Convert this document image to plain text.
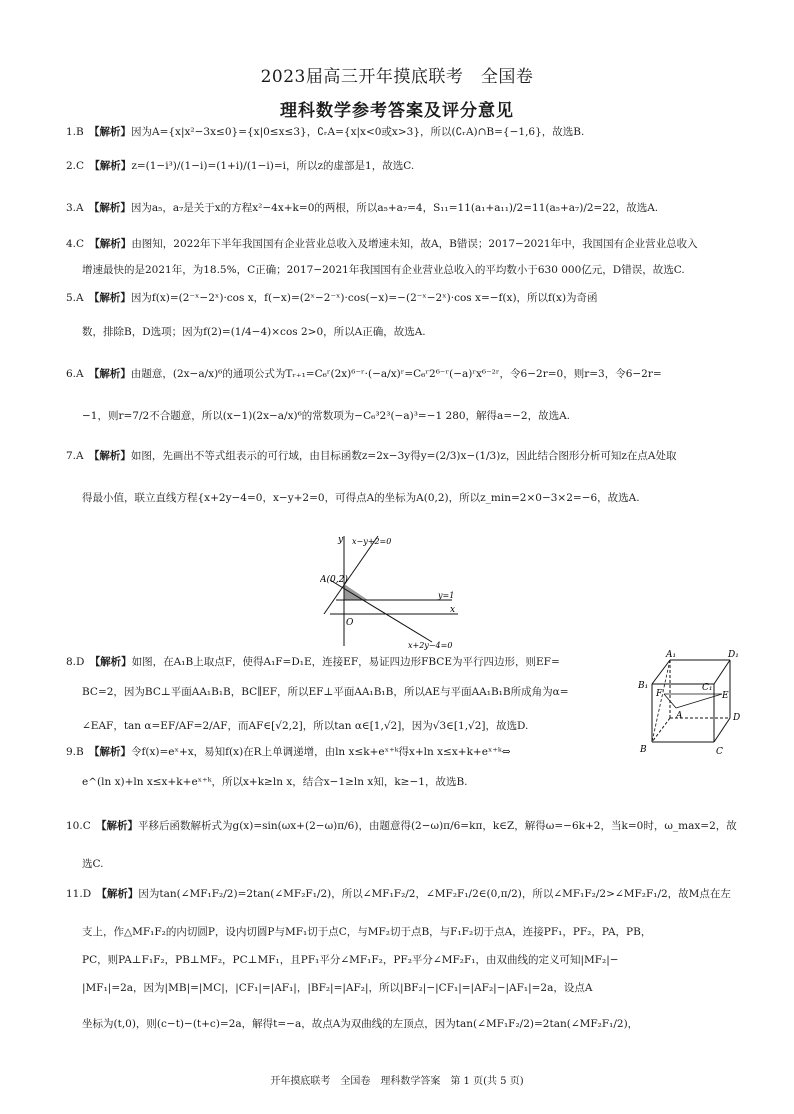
2023届高三开年摸底联考　全国卷
理科数学参考答案及评分意见
1.B　 【解析】因为A={x|x²−3x≤0}={x|0≤x≤3}，∁ᵣA={x|x<0或x>3}，所以(∁ᵣA)∩B={−1,6}，故选B.
2.C　 【解析】z=(1−i³)/(1−i)=(1+i)/(1−i)=i，所以z的虚部是1，故选C.
3.A　 【解析】因为a₅，a₇是关于x的方程x²−4x+k=0的两根，所以a₅+a₇=4，S₁₁=11(a₁+a₁₁)/2=11(a₅+a₇)/2=22，故选A.
4.C　 【解析】由图知，2022年下半年我国国有企业营业总收入及增速未知，故A，B错误；2017−2021年中，我国国有企业营业总收入
增速最快的是2021年，为18.5%，C正确；2017−2021年我国国有企业营业总收入的平均数小于630 000亿元，D错误，故选C.
5.A　 【解析】因为f(x)=(2⁻ˣ−2ˣ)·cos x，f(−x)=(2ˣ−2⁻ˣ)·cos(−x)=−(2⁻ˣ−2ˣ)·cos x=−f(x)，所以f(x)为奇函
数，排除B，D选项；因为f(2)=(1/4−4)×cos 2>0，所以A正确，故选A.
6.A　 【解析】由题意，(2x−a/x)⁶的通项公式为Tᵣ₊₁=C₆ʳ(2x)⁶⁻ʳ·(−a/x)ʳ=C₆ʳ2⁶⁻ʳ(−a)ʳx⁶⁻²ʳ，令6−2r=0，则r=3，令6−2r=
−1，则r=7/2不合题意，所以(x−1)(2x−a/x)⁶的常数项为−C₆³2³(−a)³=−1 280，解得a=−2，故选A.
7.A　 【解析】如图，先画出不等式组表示的可行域，由目标函数z=2x−3y得y=(2/3)x−(1/3)z，因此结合图形分析可知z在点A处取
得最小值，联立直线方程{x+2y−4=0，x−y+2=0，可得点A的坐标为A(0,2)，所以z_min=2×0−3×2=−6，故选A.
y
x
O
x−y+2=0
x+2y−4=0
y=1
A(0,2)
8.D　 【解析】如图，在A₁B上取点F，使得A₁F=D₁E，连接EF，易证四边形FBCE为平行四边形，则EF=
BC=2，因为BC⊥平面AA₁B₁B，BC∥EF，所以EF⊥平面AA₁B₁B，所以AE与平面AA₁B₁B所成角为α=
∠EAF，tan α=EF/AF=2/AF，而AF∈[√2,2]，所以tan α∈[1,√2]，因为√3∈[1,√2]，故选D.
A₁	D₁
B₁
F
C₁
E
A	D
B	C
9.B　 【解析】令f(x)=eˣ+x，易知f(x)在R上单调递增，由ln x≤k+eˣ⁺ᵏ得x+ln x≤x+k+eˣ⁺ᵏ⇔
e^(ln x)+ln x≤x+k+eˣ⁺ᵏ，所以x+k≥ln x，结合x−1≥ln x知，k≥−1，故选B.
10.C　 【解析】平移后函数解析式为g(x)=sin(ωx+(2−ω)π/6)，由题意得(2−ω)π/6=kπ，k∈Z，解得ω=−6k+2，当k=0时，ω_max=2，故
选C.
11.D　 【解析】因为tan(∠MF₁F₂/2)=2tan(∠MF₂F₁/2)，所以∠MF₁F₂/2，∠MF₂F₁/2∈(0,π/2)，所以∠MF₁F₂/2>∠MF₂F₁/2，故M点在左
支上，作△MF₁F₂的内切圆P，设内切圆P与MF₁切于点C，与MF₂切于点B，与F₁F₂切于点A，连接PF₁，PF₂，PA，PB，
PC，则PA⊥F₁F₂，PB⊥MF₂，PC⊥MF₁，且PF₁平分∠MF₁F₂，PF₂平分∠MF₂F₁，由双曲线的定义可知|MF₂|−
|MF₁|=2a，因为|MB|=|MC|，|CF₁|=|AF₁|，|BF₂|=|AF₂|，所以|BF₂|−|CF₁|=|AF₂|−|AF₁|=2a，设点A
坐标为(t,0)，则(c−t)−(t+c)=2a，解得t=−a，故点A为双曲线的左顶点，因为tan(∠MF₁F₂/2)=2tan(∠MF₂F₁/2)，
开年摸底联考　全国卷　理科数学答案　第 1 页(共 5 页)
